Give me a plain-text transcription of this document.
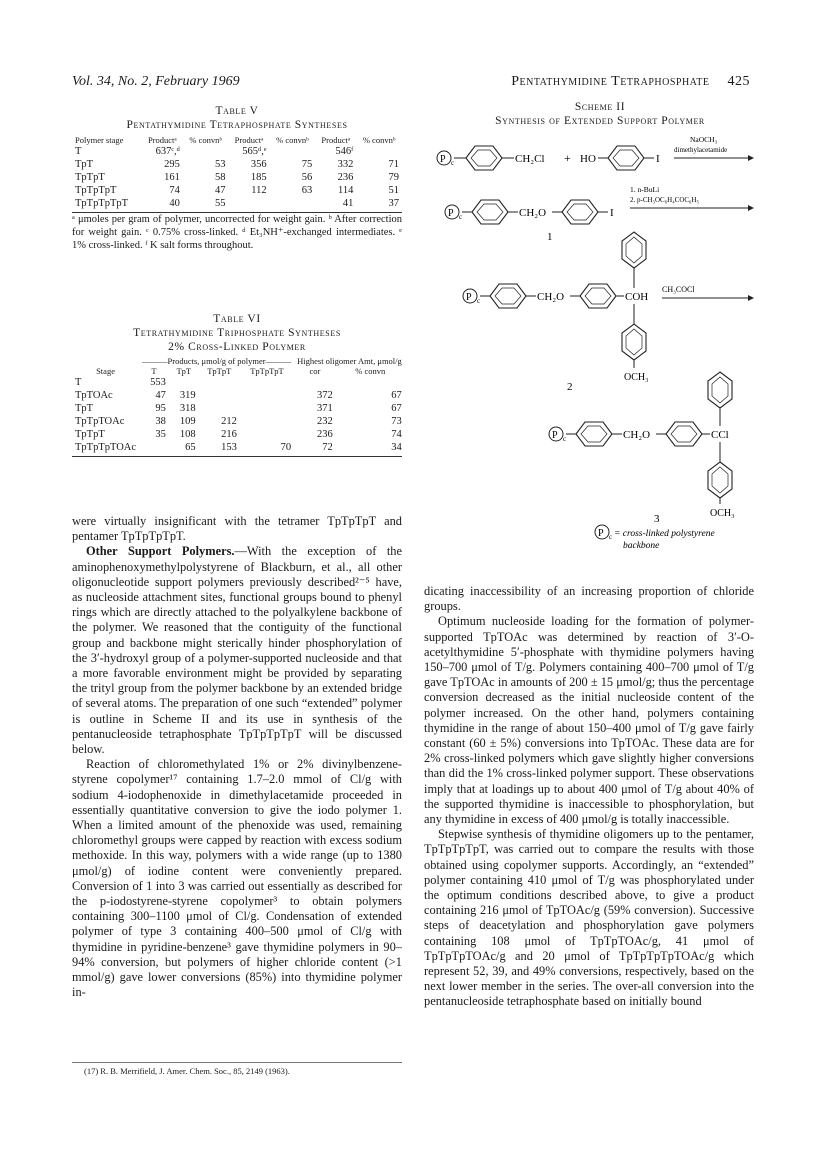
Vol. 34, No. 2, February 1969	Pentathymidine Tetraphosphate 425
Table V
Pentathymidine Tetraphosphate Syntheses
Polymer stage	Productᵃ	% convnᵇ	Productᵃ	% convnᵇ	Productᵃ	% convnᵇ
T	637ᶜ,ᵈ		565ᵈ,ᵉ		546ᶠ	
TpT	295	53	356	75	332	71
TpTpT	161	58	185	56	236	79
TpTpTpT	74	47	112	63	114	51
TpTpTpTpT	40	55			41	37
ᵃ μmoles per gram of polymer, uncorrected for weight gain. ᵇ After correction for weight gain. ᶜ 0.75% cross-linked. ᵈ Et₃NH⁺-exchanged intermediates. ᵉ 1% cross-linked. ᶠ K salt forms throughout.
Table VI
Tetrathymidine Triphosphate Syntheses
2% Cross-Linked Polymer
	———Products, μmol/g of polymer———				Highest oligomer Amt, μmol/g	
Stage	T	TpT	TpTpT	TpTpTpT	cor	% convn
T	553					
TpTOAc	47	319			372	67
TpT	95	318			371	67
TpTpTOAc	38	109	212		232	73
TpTpT	35	108	216		236	74
TpTpTpTOAc		65	153	70	72	34
Scheme II
Synthesis of Extended Support Polymer
P c	CH₂Cl + HO	I
NaOCH₃
dimethylacetamide
P c	CH₂O	I
1
1. n-BuLi
2. p-CH₃OC₆H₄COC₆H₅
P c	CH₂O	COH
OCH₃
2
CH₃COCl
P c	CH₂O	CCl
OCH₃
3
P c = cross-linked polystyrene
backbone

were virtually insignificant with the tetramer TpTpTpT and pentamer TpTpTpTpT.

Other Support Polymers.—With the exception of the aminophenoxymethylpolystyrene of Blackburn, et al., all other oligonucleotide support polymers previously described²⁻⁵ have, as nucleoside attachment sites, functional groups bound to phenyl rings which are directly attached to the polyalkylene backbone of the polymer. We reasoned that the contiguity of the functional group and backbone might sterically hinder phosphorylation of the 3′-hydroxyl group of a polymer-supported nucleoside and that a more favorable environment might be provided by separating the trityl group from the polymer backbone by an extended bridge of several atoms. The preparation of one such “extended” polymer is outline in Scheme II and its use in synthesis of the pentanucleoside tetraphosphate TpTpTpTpT will be discussed below.

Reaction of chloromethylated 1% or 2% divinylbenzene-styrene copolymer¹⁷ containing 1.7–2.0 mmol of Cl/g with sodium 4-iodophenoxide in dimethylacetamide proceeded in essentially quantitative conversion to give the iodo polymer 1. When a limited amount of the phenoxide was used, remaining chloromethyl groups were capped by reaction with excess sodium methoxide. In this way, polymers with a wide range (up to 1380 μmol/g) of iodine content were conveniently prepared. Conversion of 1 into 3 was carried out essentially as described for the p-iodostyrene-styrene copolymer³ to obtain polymers containing 300–1100 μmol of Cl/g. Condensation of extended polymer of type 3 containing 400–500 μmol of Cl/g with thymidine in pyridine-benzene³ gave thymidine polymers in 90–94% conversion, but polymers of higher chloride content (>1 mmol/g) gave lower conversions (85%) into thymidine polymer in-

(17) R. B. Merrifield, J. Amer. Chem. Soc., 85, 2149 (1963).

dicating inaccessibility of an increasing proportion of chloride groups.

Optimum nucleoside loading for the formation of polymer-supported TpTOAc was determined by reaction of 3′-O-acetylthymidine 5′-phosphate with thymidine polymers having 150–700 μmol of T/g. Polymers containing 400–700 μmol of T/g gave TpTOAc in amounts of 200 ± 15 μmol/g; thus the percentage conversion decreased as the initial nucleoside content of the polymer increased. On the other hand, polymers containing thymidine in the range of about 150–400 μmol of T/g gave fairly constant (60 ± 5%) conversions into TpTOAc. These data are for 2% cross-linked polymers which gave slightly higher conversions than did the 1% cross-linked polymer support. These observations imply that at loadings up to about 400 μmol of T/g about 40% of the supported thymidine is inaccessible to phosphorylation, but any thymidine in excess of 400 μmol/g is totally inaccessible.

Stepwise synthesis of thymidine oligomers up to the pentamer, TpTpTpTpT, was carried out to compare the results with those obtained using copolymer supports. Accordingly, an “extended” polymer containing 410 μmol of T/g was phosphorylated under the optimum conditions described above, to give a product containing 216 μmol of TpTOAc/g (59% conversion). Successive steps of deacetylation and phosphorylation gave polymers containing 108 μmol of TpTpTOAc/g, 41 μmol of TpTpTpTOAc/g and 20 μmol of TpTpTpTpTOAc/g which represent 52, 39, and 49% conversions, respectively, based on the next lower member in the series. The over-all conversion into the pentanucleoside tetraphosphate based on initially bound
